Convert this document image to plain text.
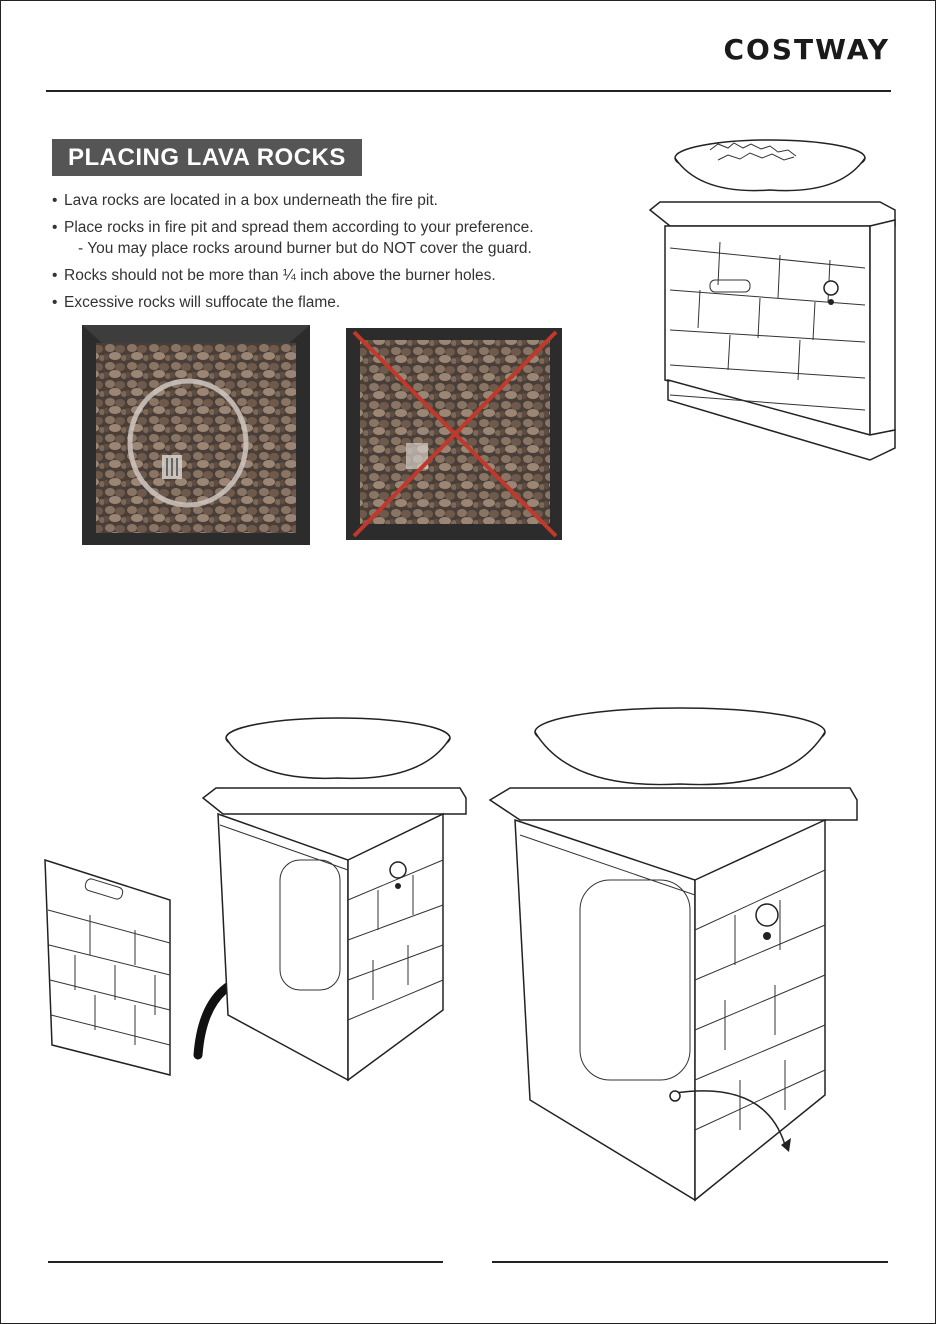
COSTWAY
PLACING LAVA ROCKS
• Lava rocks are located in a box underneath the fire pit.
• Place rocks in fire pit and spread them according to your preference.
- You may place rocks around burner but do NOT cover the guard.
• Rocks should not be more than ¼ inch above the burner holes.
• Excessive rocks will suffocate the flame.
